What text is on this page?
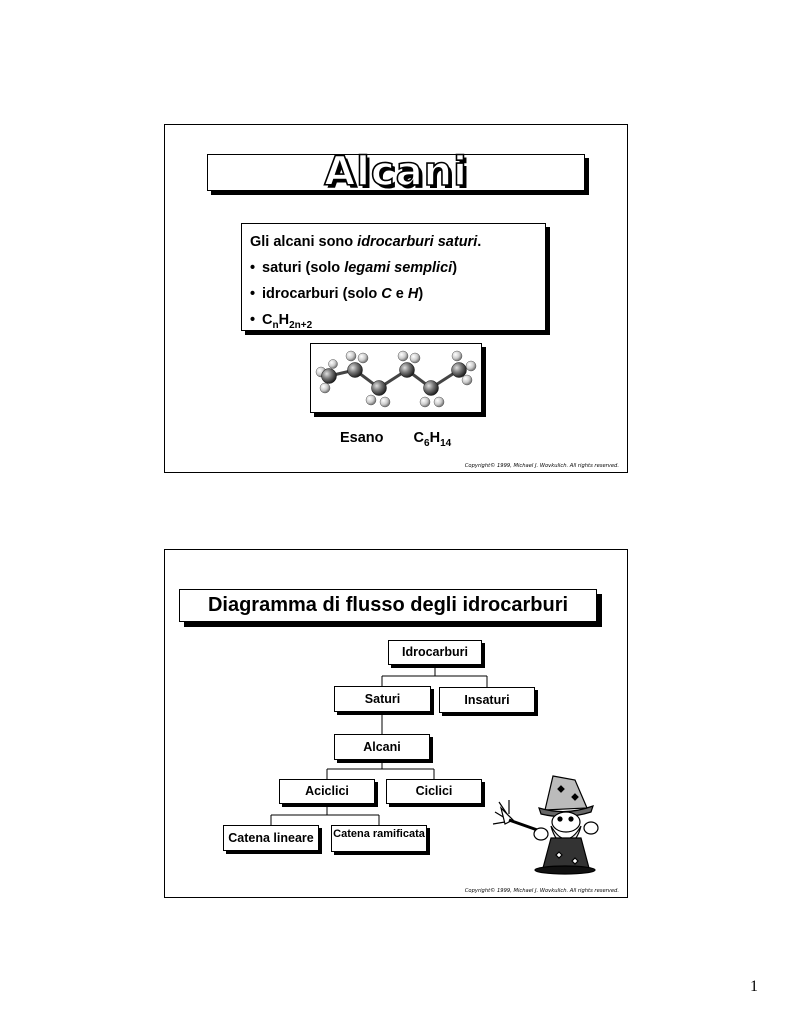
Alcani
Gli alcani sono idrocarburi saturi.
• saturi (solo legami semplici)
• idrocarburi (solo C e H)
• $C_nH_{2n+2}$
Esano $C_6H_{14}$
Copyright© 1999, Michael J. Wovkulich. All rights reserved.
Diagramma di flusso degli idrocarburi
Idrocarburi
Saturi	Insaturi
Alcani
Aciclici	Ciclici
Catena lineare	Catena ramificata
Copyright© 1999, Michael J. Wovkulich. All rights reserved.
1
